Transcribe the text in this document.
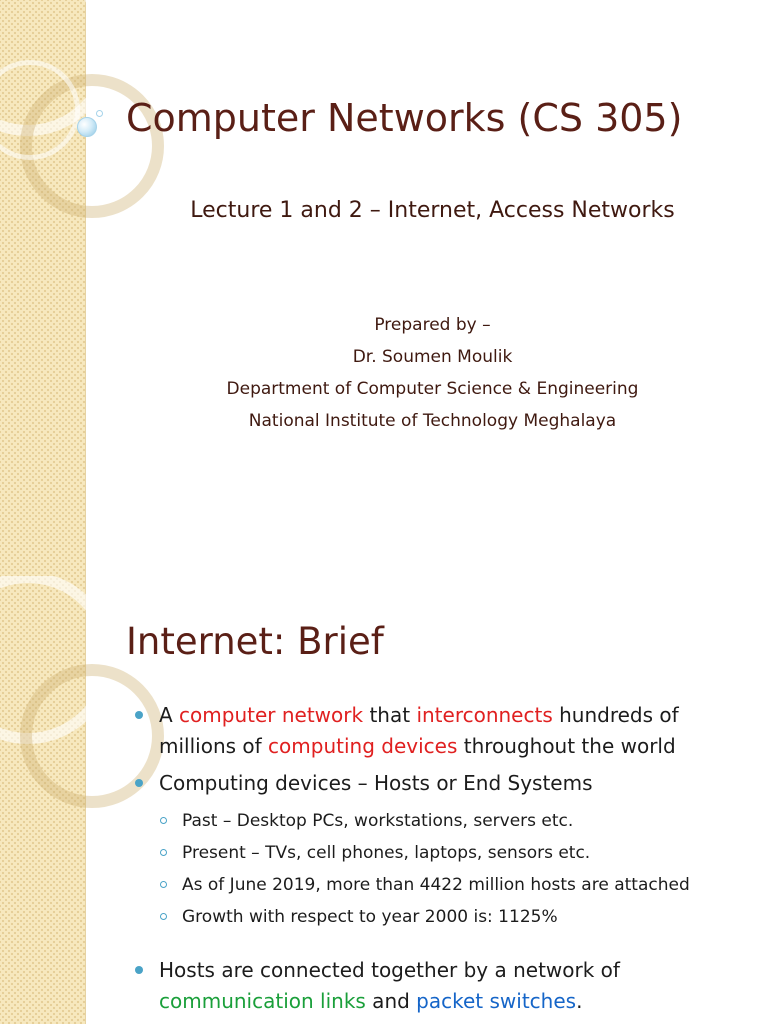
Computer Networks (CS 305)
Lecture 1 and 2 – Internet, Access Networks
Prepared by –
Dr. Soumen Moulik
Department of Computer Science & Engineering
National Institute of Technology Meghalaya
Internet: Brief
A computer network that interconnects hundreds of millions of computing devices throughout the world
Computing devices – Hosts or End Systems
Past – Desktop PCs, workstations, servers etc.
Present – TVs, cell phones, laptops, sensors etc.
As of June 2019, more than 4422 million hosts are attached
Growth with respect to year 2000 is: 1125%
Hosts are connected together by a network of communication links and packet switches.
